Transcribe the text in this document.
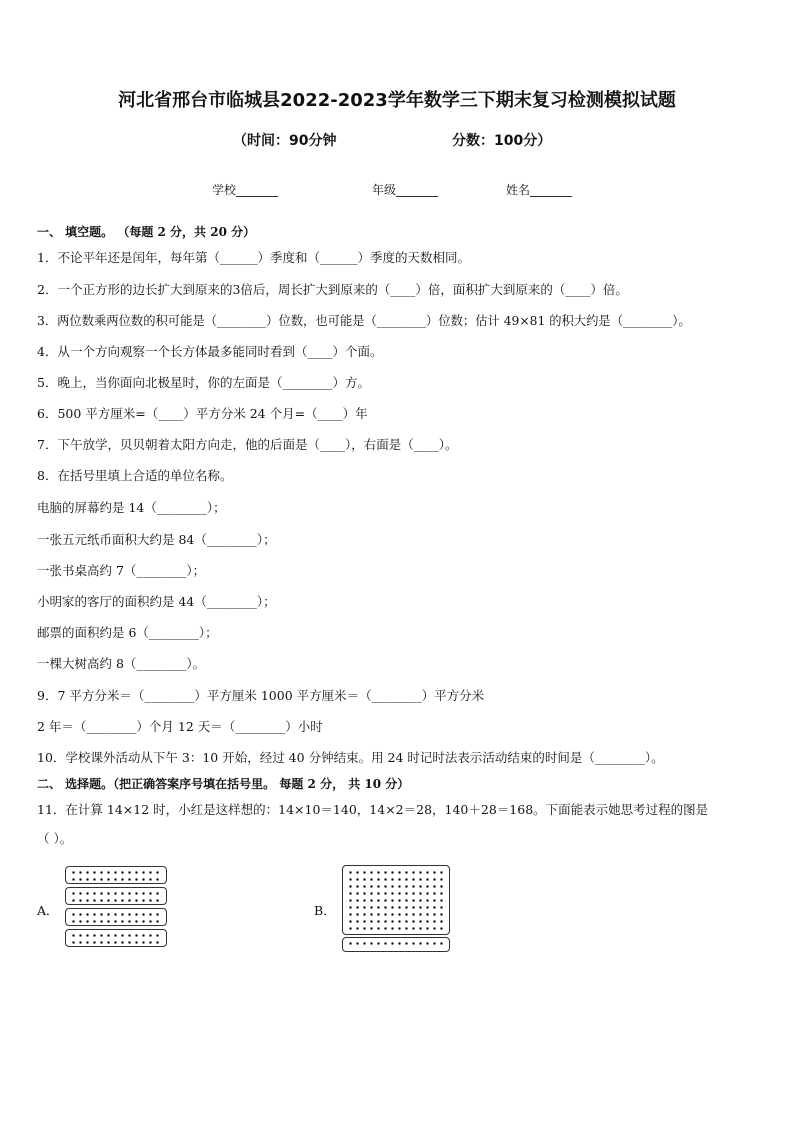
河北省邢台市临城县2022-2023学年数学三下期末复习检测模拟试题
（时间：90分钟	分数：100分）
学校_______	年级_______	姓名_______
一、 填空题。 （每题 2 分，共 20 分）
1．不论平年还是闰年，每年第（______）季度和（______）季度的天数相同。
2．一个正方形的边长扩大到原来的3倍后，周长扩大到原来的（____）倍，面积扩大到原来的（____）倍。
3．两位数乘两位数的积可能是（________）位数，也可能是（________）位数；估计 49×81 的积大约是（________）。
4．从一个方向观察一个长方体最多能同时看到（____）个面。
5．晚上，当你面向北极星时，你的左面是（________）方。
6．500 平方厘米=（____）平方分米 24 个月=（____）年
7．下午放学，贝贝朝着太阳方向走，他的后面是（____），右面是（____）。
8．在括号里填上合适的单位名称。
电脑的屏幕约是 14（________）；
一张五元纸币面积大约是 84（________）；
一张书桌高约 7（________）；
小明家的客厅的面积约是 44（________）；
邮票的面积约是 6（________）；
一棵大树高约 8（________）。
9．7 平方分米＝（________）平方厘米 1000 平方厘米＝（________）平方分米
2 年＝（________）个月 12 天＝（________）小时
10．学校课外活动从下午 3：10 开始，经过 40 分钟结束。用 24 时记时法表示活动结束的时间是（________）。
二、 选择题。（把正确答案序号填在括号里。 每题 2 分， 共 10 分）
11．在计算 14×12 时，小红是这样想的：14×10＝140，14×2＝28，140＋28＝168。下面能表示她思考过程的图是
（ ）。
A．	B．
